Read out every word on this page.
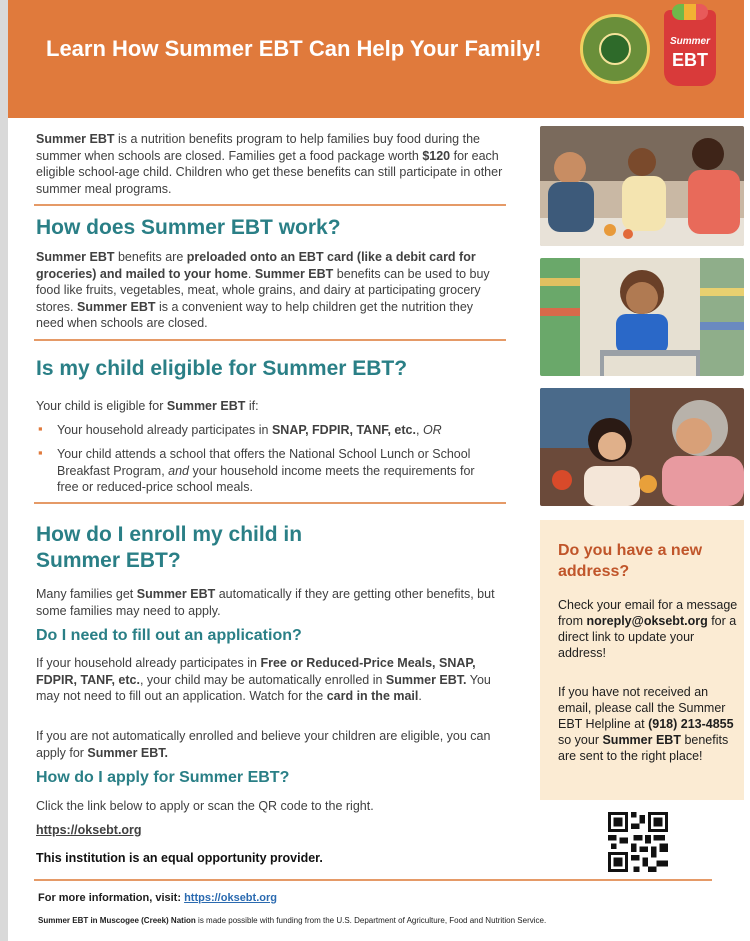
Learn How Summer EBT Can Help Your Family!	Summer
EBT
Summer EBT is a nutrition benefits program to help families buy food during the summer when schools are closed. Families get a food package worth $120 for each eligible school-age child. Children who get these benefits can still participate in other summer meal programs.
How does Summer EBT work?
Summer EBT benefits are preloaded onto an EBT card (like a debit card for groceries) and mailed to your home. Summer EBT benefits can be used to buy food like fruits, vegetables, meat, whole grains, and dairy at participating grocery stores. Summer EBT is a convenient way to help children get the nutrition they need when schools are closed.
Is my child eligible for Summer EBT?
Your child is eligible for Summer EBT if:
▪ Your household already participates in SNAP, FDPIR, TANF, etc., OR
▪ Your child attends a school that offers the National School Lunch or School Breakfast Program, and your household income meets the requirements for free or reduced-price school meals.
How do I enroll my child in
Summer EBT?
Many families get Summer EBT automatically if they are getting other benefits, but some families may need to apply.
Do I need to fill out an application?
If your household already participates in Free or Reduced-Price Meals, SNAP, FDPIR, TANF, etc., your child may be automatically enrolled in Summer EBT. You may not need to fill out an application. Watch for the card in the mail.
If you are not automatically enrolled and believe your children are eligible, you can apply for Summer EBT.
How do I apply for Summer EBT?
Click the link below to apply or scan the QR code to the right.
https://oksebt.org
This institution is an equal opportunity provider.
Do you have a new
address?
Check your email for a message from noreply@oksebt.org for a direct link to update your address!
If you have not received an email, please call the Summer EBT Helpline at (918) 213-4855 so your Summer EBT benefits are sent to the right place!
For more information, visit: https://oksebt.org
Summer EBT in Muscogee (Creek) Nation is made possible with funding from the U.S. Department of Agriculture, Food and Nutrition Service.
